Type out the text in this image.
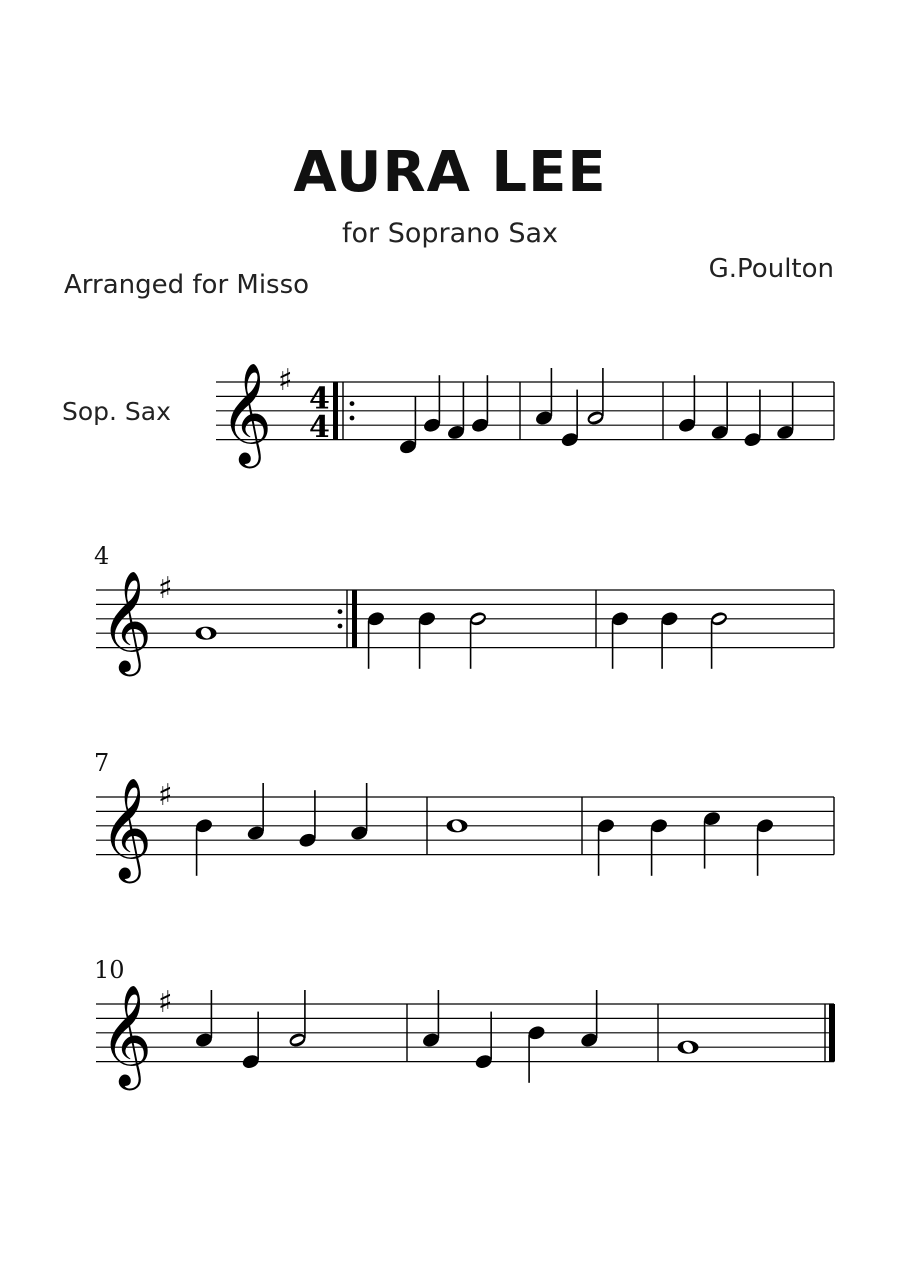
AURA LEE
for Soprano Sax
Arranged for Misso
G.Poulton
𝄞 ♯
Sop. Sax	4
4
𝄞 ♯
4
𝄞 ♯
7
𝄞 ♯
10
